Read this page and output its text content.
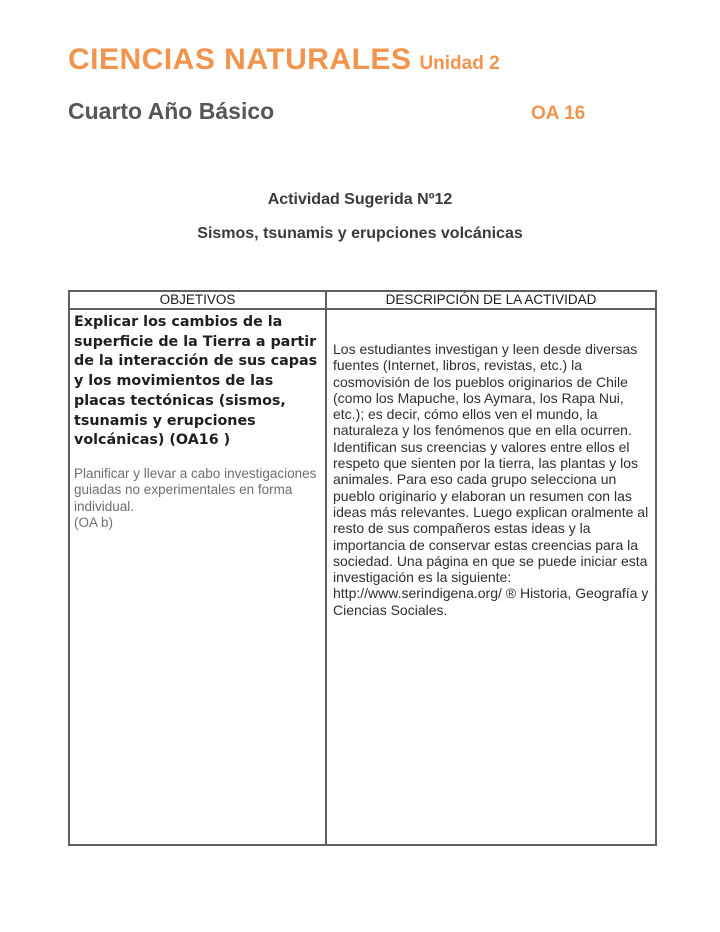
CIENCIAS NATURALES Unidad 2
Cuarto Año Básico	OA 16
Actividad Sugerida Nº12
Sismos, tsunamis y erupciones volcánicas
OBJETIVOS	DESCRIPCIÓN DE LA ACTIVIDAD
Explicar los cambios de la superficie de la Tierra a partir de la interacción de sus capas y los movimientos de las placas tectónicas (sismos, tsunamis y erupciones volcánicas) (OA16 )
Planificar y llevar a cabo investigaciones guiadas no experimentales en forma individual.
(OA b)
Los estudiantes investigan y leen desde diversas fuentes (Internet, libros, revistas, etc.) la cosmovisión de los pueblos originarios de Chile (como los Mapuche, los Aymara, los Rapa Nui, etc.); es decir, cómo ellos ven el mundo, la naturaleza y los fenómenos que en ella ocurren. Identifican sus creencias y valores entre ellos el respeto que sienten por la tierra, las plantas y los animales. Para eso cada grupo selecciona un pueblo originario y elaboran un resumen con las ideas más relevantes. Luego explican oralmente al resto de sus compañeros estas ideas y la importancia de conservar estas creencias para la sociedad. Una página en que se puede iniciar esta investigación es la siguiente: http://www.serindigena.org/ ® Historia, Geografía y Ciencias Sociales.
